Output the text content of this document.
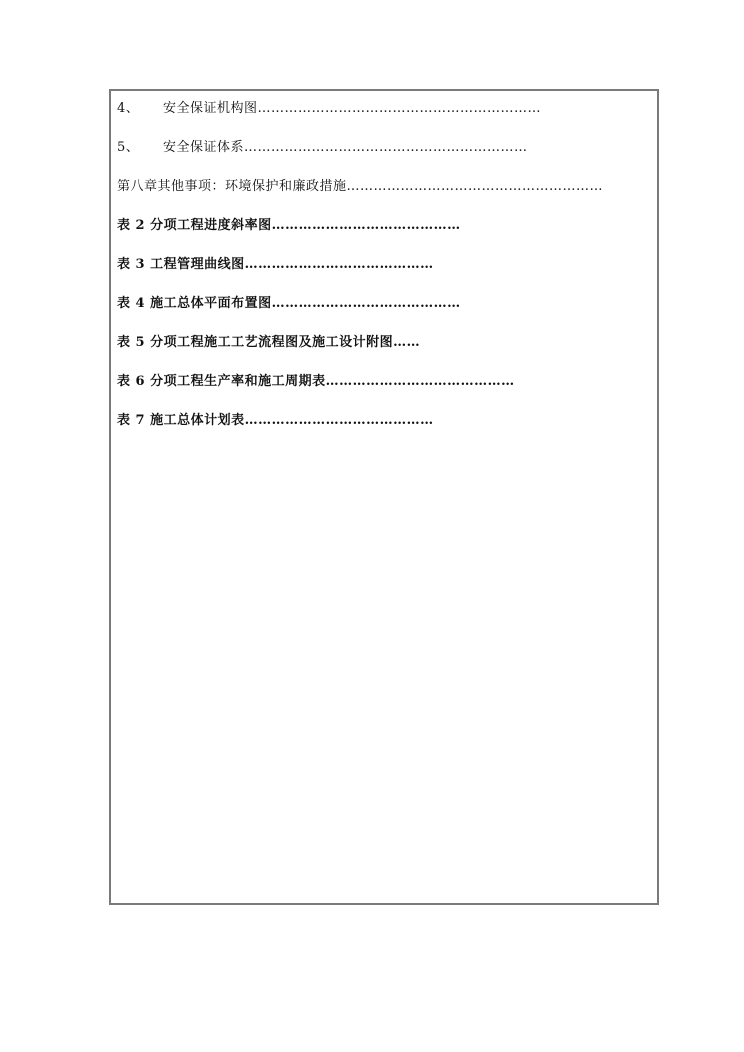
4、 安全保证机构图………………………………………………………
5、 安全保证体系………………………………………………………
第八章其他事项：环境保护和廉政措施…………………………………………………
表 2 分项工程进度斜率图……………………………………
表 3 工程管理曲线图……………………………………
表 4 施工总体平面布置图……………………………………
表 5 分项工程施工工艺流程图及施工设计附图……
表 6 分项工程生产率和施工周期表……………………………………
表 7 施工总体计划表……………………………………
